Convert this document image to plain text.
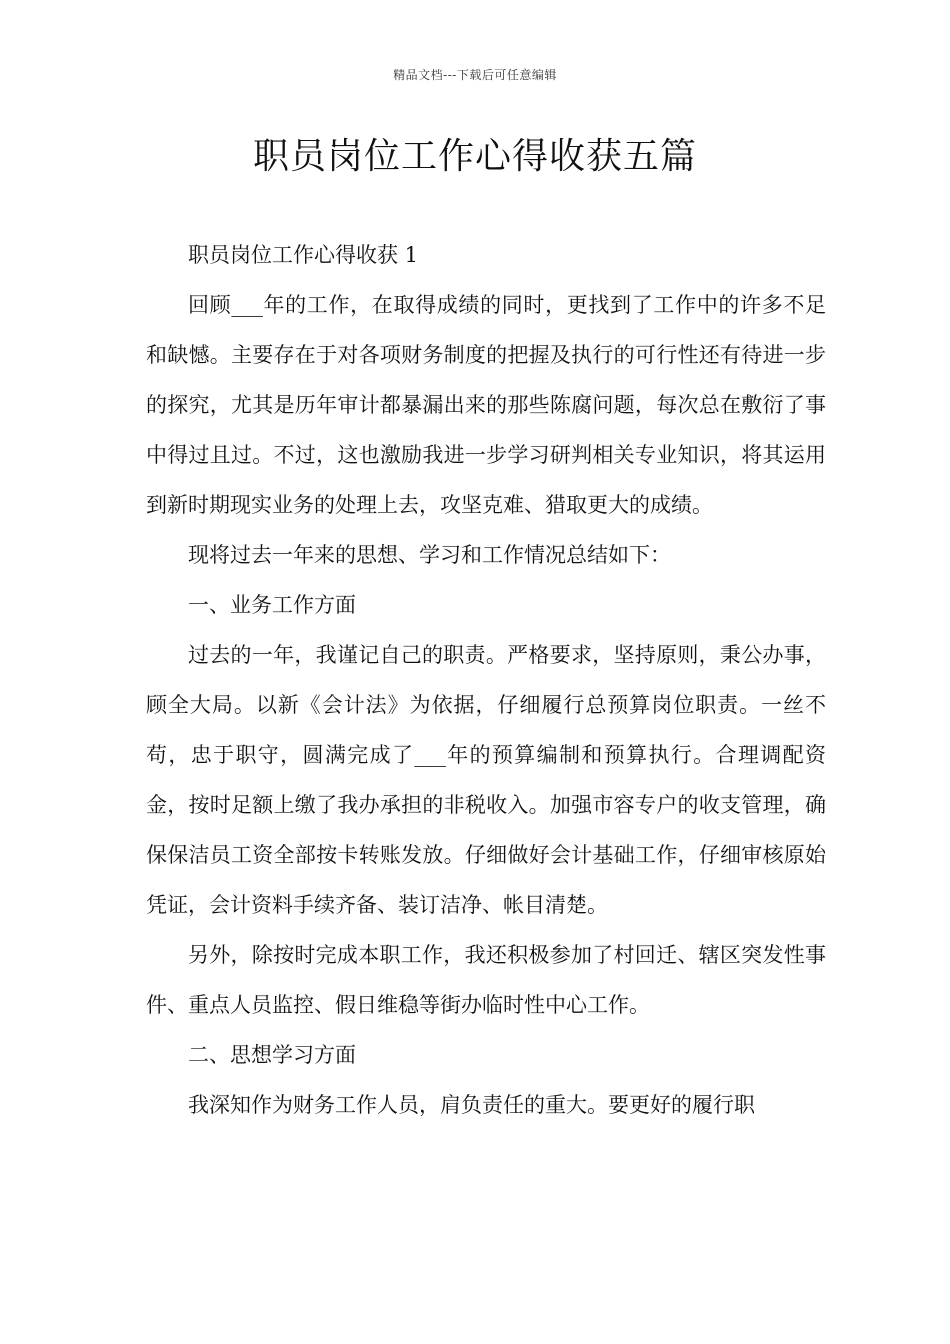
精品文档---下载后可任意编辑
职员岗位工作心得收获五篇

职员岗位工作心得收获 1

回顾___年的工作，在取得成绩的同时，更找到了工作中的许多不足和缺憾。主要存在于对各项财务制度的把握及执行的可行性还有待进一步的探究，尤其是历年审计都暴漏出来的那些陈腐问题，每次总在敷衍了事中得过且过。不过，这也激励我进一步学习研判相关专业知识，将其运用到新时期现实业务的处理上去，攻坚克难、猎取更大的成绩。

现将过去一年来的思想、学习和工作情况总结如下：

一、业务工作方面

过去的一年，我谨记自己的职责。严格要求，坚持原则，秉公办事，顾全大局。以新《会计法》为依据，仔细履行总预算岗位职责。一丝不苟，忠于职守，圆满完成了___年的预算编制和预算执行。合理调配资金，按时足额上缴了我办承担的非税收入。加强市容专户的收支管理，确保保洁员工资全部按卡转账发放。仔细做好会计基础工作，仔细审核原始凭证，会计资料手续齐备、装订洁净、帐目清楚。

另外，除按时完成本职工作，我还积极参加了村回迁、辖区突发性事件、重点人员监控、假日维稳等街办临时性中心工作。

二、思想学习方面

我深知作为财务工作人员，肩负责任的重大。要更好的履行职
